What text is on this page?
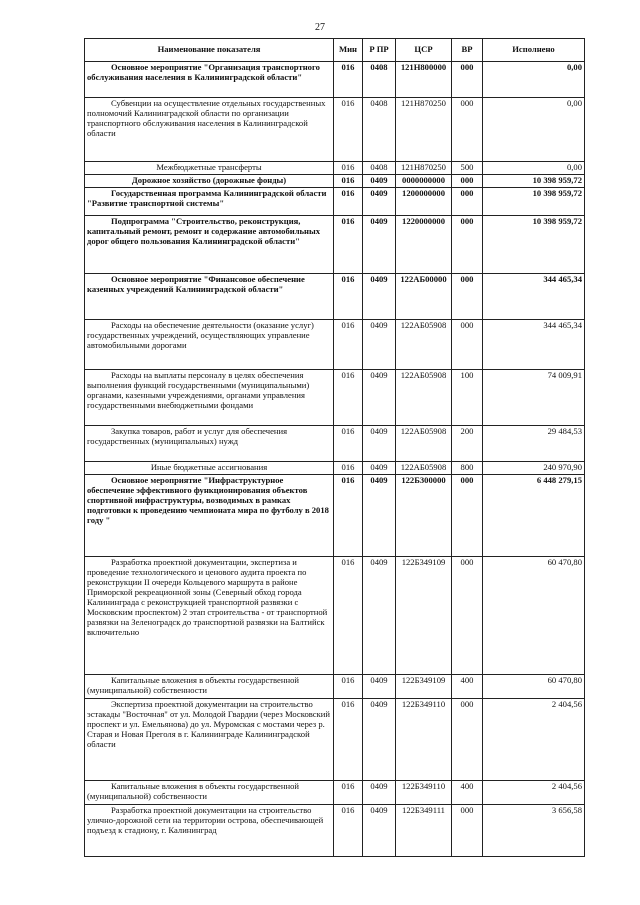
27
Наименование показателя	Мин	Р ПР	ЦСР	ВР	Исполнено
Основное мероприятие "Организация транспортного обслуживания населения в Калининградской области"	016	0408	121Н800000	000	0,00
Субвенции на осуществление отдельных государственных полномочий Калининградской области по организации транспортного обслуживания населения в Калининградской области	016	0408	121Н870250	000	0,00
Межбюджетные трансферты	016	0408	121Н870250	500	0,00
Дорожное хозяйство (дорожные фонды)	016	0409	0000000000	000	10 398 959,72
Государственная программа Калининградской области "Развитие транспортной системы"	016	0409	1200000000	000	10 398 959,72
Подпрограмма "Строительство, реконструкция, капитальный ремонт, ремонт и содержание автомобильных дорог общего пользования Калининградской области"	016	0409	1220000000	000	10 398 959,72
Основное мероприятие "Финансовое обеспечение казенных учреждений Калининградской области"	016	0409	122АБ00000	000	344 465,34
Расходы на обеспечение деятельности (оказание услуг) государственных учреждений, осуществляющих управление автомобильными дорогами	016	0409	122АБ05908	000	344 465,34
Расходы на выплаты персоналу в целях обеспечения выполнения функций государственными (муниципальными) органами, казенными учреждениями, органами управления государственными внебюджетными фондами	016	0409	122АБ05908	100	74 009,91
Закупка товаров, работ и услуг для обеспечения государственных (муниципальных) нужд	016	0409	122АБ05908	200	29 484,53
Иные бюджетные ассигнования	016	0409	122АБ05908	800	240 970,90
Основное мероприятие "Инфраструктурное обеспечение эффективного функционирования объектов спортивной инфраструктуры, возводимых в рамках подготовки к проведению чемпионата мира по футболу в 2018 году "	016	0409	122Б300000	000	6 448 279,15
Разработка проектной документации, экспертиза и проведение технологического и ценового аудита проекта по реконструкции II очереди Кольцевого маршрута в районе Приморской рекреационной зоны (Северный обход города Калининграда с реконструкцией транспортной развязки с Московским проспектом) 2 этап строительства - от транспортной развязки на Зеленоградск до транспортной развязки на Балтийск включительно	016	0409	122Б349109	000	60 470,80
Капитальные вложения в объекты государственной (муниципальной) собственности	016	0409	122Б349109	400	60 470,80
Экспертиза проектной документации на строительство эстакады "Восточная" от ул. Молодой Гвардии (через Московский проспект и ул. Емельянова) до ул. Муромская с мостами через р. Старая и Новая Преголя в г. Калининграде Калининградской области	016	0409	122Б349110	000	2 404,56
Капитальные вложения в объекты государственной (муниципальной) собственности	016	0409	122Б349110	400	2 404,56
Разработка проектной документации на строительство улично-дорожной сети на территории острова, обеспечивающей подъезд к стадиону, г. Калининград	016	0409	122Б349111	000	3 656,58
